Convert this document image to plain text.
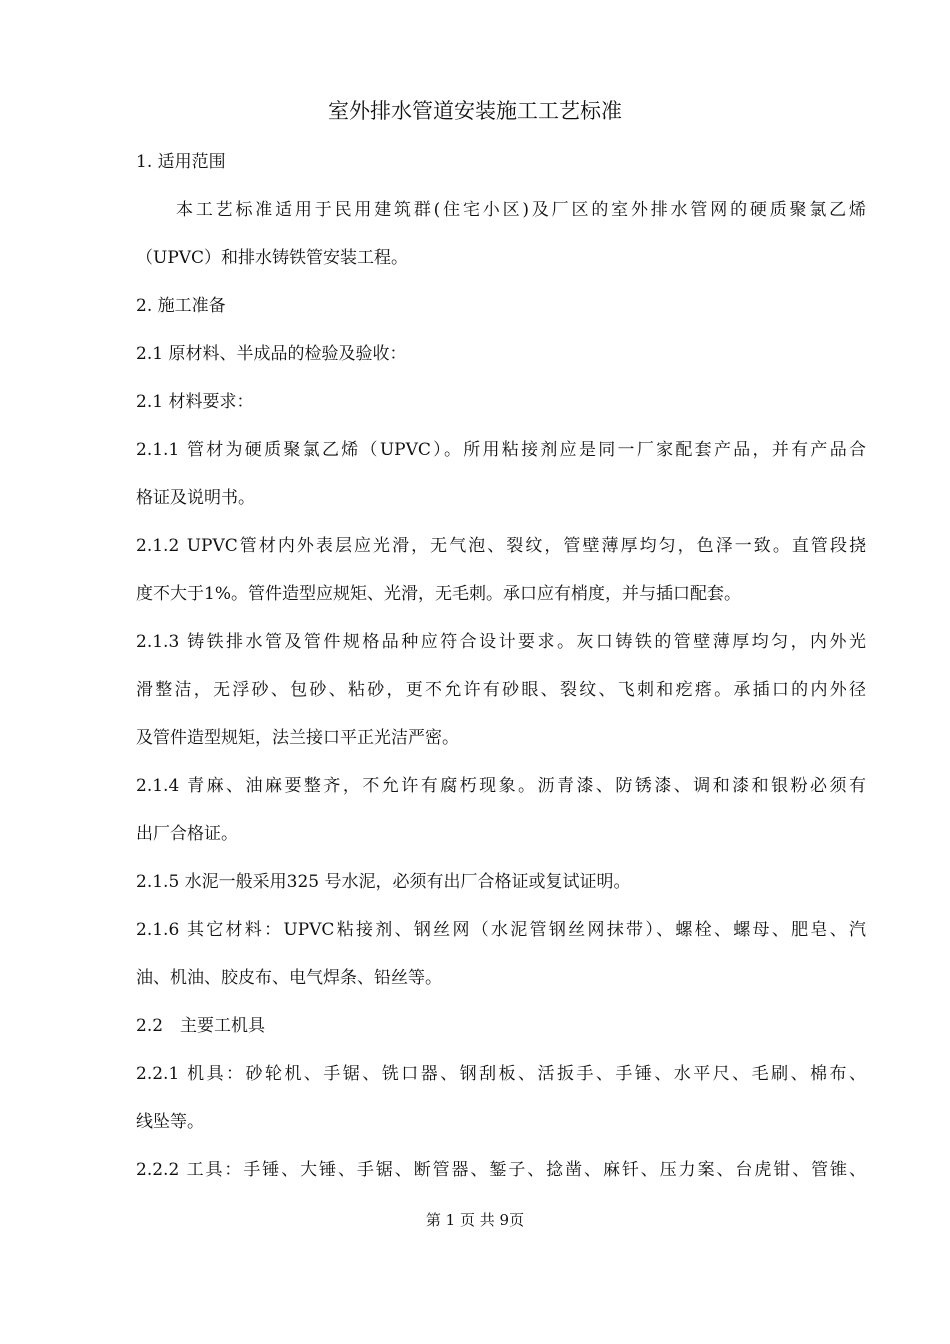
室外排水管道安装施工工艺标准
1. 适用范围
本工艺标准适用于民用建筑群(住宅小区)及厂区的室外排水管网的硬质聚氯乙烯
（UPVC）和排水铸铁管安装工程。
2. 施工准备
2.1 原材料、半成品的检验及验收：
2.1 材料要求：
2.1.1 管材为硬质聚氯乙烯（UPVC）。所用粘接剂应是同一厂家配套产品，并有产品合
格证及说明书。
2.1.2 UPVC管材内外表层应光滑，无气泡、裂纹，管壁薄厚均匀，色泽一致。直管段挠
度不大于1%。管件造型应规矩、光滑，无毛刺。承口应有梢度，并与插口配套。
2.1.3 铸铁排水管及管件规格品种应符合设计要求。灰口铸铁的管壁薄厚均匀，内外光
滑整洁，无浮砂、包砂、粘砂，更不允许有砂眼、裂纹、飞刺和疙瘩。承插口的内外径
及管件造型规矩，法兰接口平正光洁严密。
2.1.4 青麻、油麻要整齐，不允许有腐朽现象。沥青漆、防锈漆、调和漆和银粉必须有
出厂合格证。
2.1.5 水泥一般采用325 号水泥，必须有出厂合格证或复试证明。
2.1.6 其它材料：UPVC粘接剂、钢丝网（水泥管钢丝网抹带）、螺栓、螺母、肥皂、汽
油、机油、胶皮布、电气焊条、铅丝等。
2.2　主要工机具
2.2.1 机具：砂轮机、手锯、铣口器、钢刮板、活扳手、手锤、水平尺、毛刷、棉布、
线坠等。
2.2.2 工具：手锤、大锤、手锯、断管器、錾子、捻凿、麻钎、压力案、台虎钳、管锥、
第 1 页 共 9页
